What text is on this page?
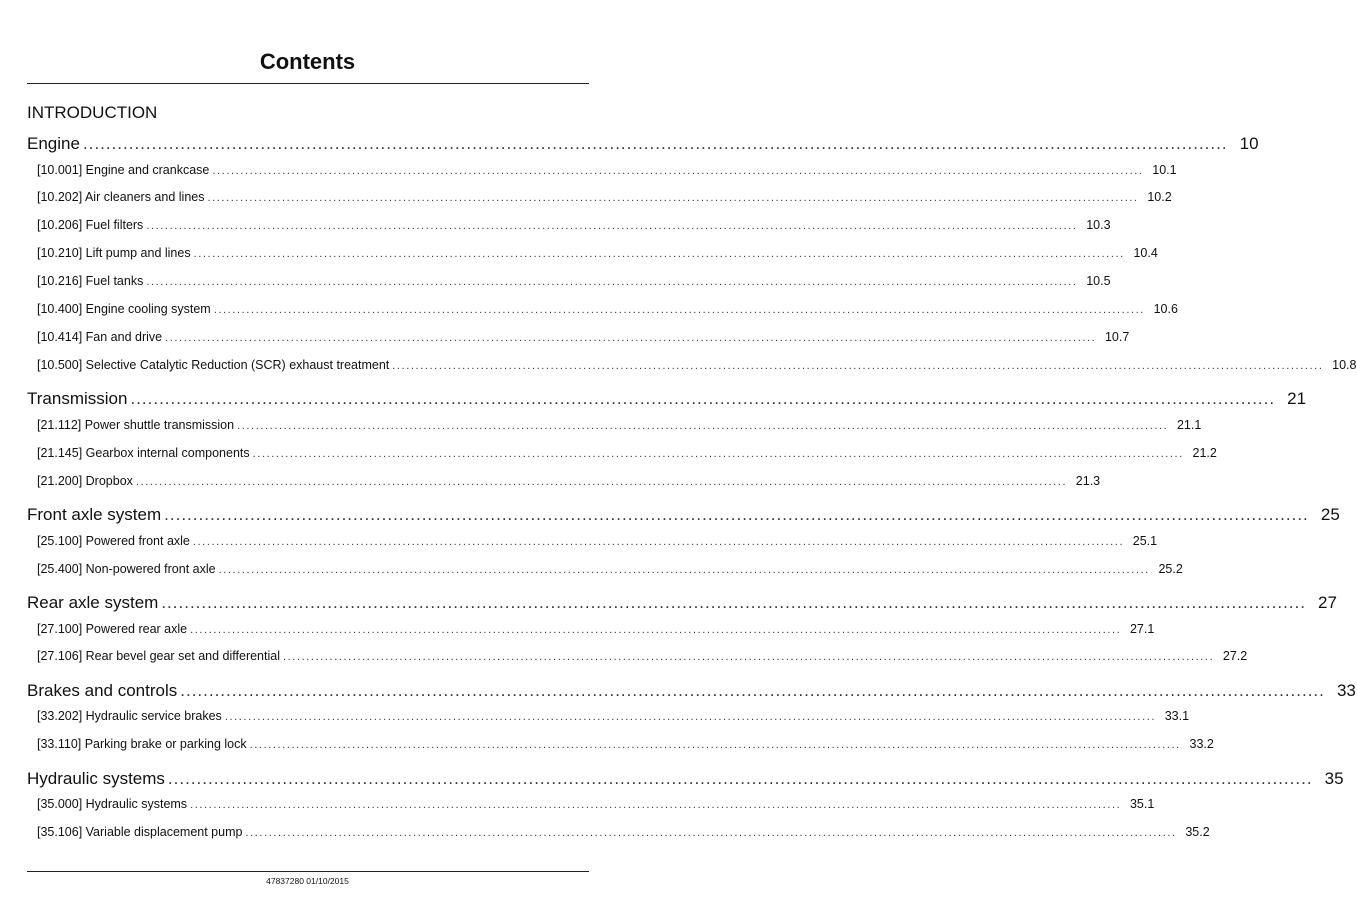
Contents
INTRODUCTION
Engine ........................................................................................................................................................................................................ 10
[10.001] Engine and crankcase ........................................................................................................................................................................................................ 10.1
[10.202] Air cleaners and lines ........................................................................................................................................................................................................ 10.2
[10.206] Fuel filters ........................................................................................................................................................................................................ 10.3
[10.210] Lift pump and lines ........................................................................................................................................................................................................ 10.4
[10.216] Fuel tanks ........................................................................................................................................................................................................ 10.5
[10.400] Engine cooling system ........................................................................................................................................................................................................ 10.6
[10.414] Fan and drive ........................................................................................................................................................................................................ 10.7
[10.500] Selective Catalytic Reduction (SCR) exhaust treatment ........................................................................................................................................................................................................ 10.8
Transmission ........................................................................................................................................................................................................ 21
[21.112] Power shuttle transmission ........................................................................................................................................................................................................ 21.1
[21.145] Gearbox internal components ........................................................................................................................................................................................................ 21.2
[21.200] Dropbox ........................................................................................................................................................................................................ 21.3
Front axle system ........................................................................................................................................................................................................ 25
[25.100] Powered front axle ........................................................................................................................................................................................................ 25.1
[25.400] Non-powered front axle ........................................................................................................................................................................................................ 25.2
Rear axle system ........................................................................................................................................................................................................ 27
[27.100] Powered rear axle ........................................................................................................................................................................................................ 27.1
[27.106] Rear bevel gear set and differential ........................................................................................................................................................................................................ 27.2
Brakes and controls ........................................................................................................................................................................................................ 33
[33.202] Hydraulic service brakes ........................................................................................................................................................................................................ 33.1
[33.110] Parking brake or parking lock ........................................................................................................................................................................................................ 33.2
Hydraulic systems ........................................................................................................................................................................................................ 35
[35.000] Hydraulic systems ........................................................................................................................................................................................................ 35.1
[35.106] Variable displacement pump ........................................................................................................................................................................................................ 35.2
47837280 01/10/2015
